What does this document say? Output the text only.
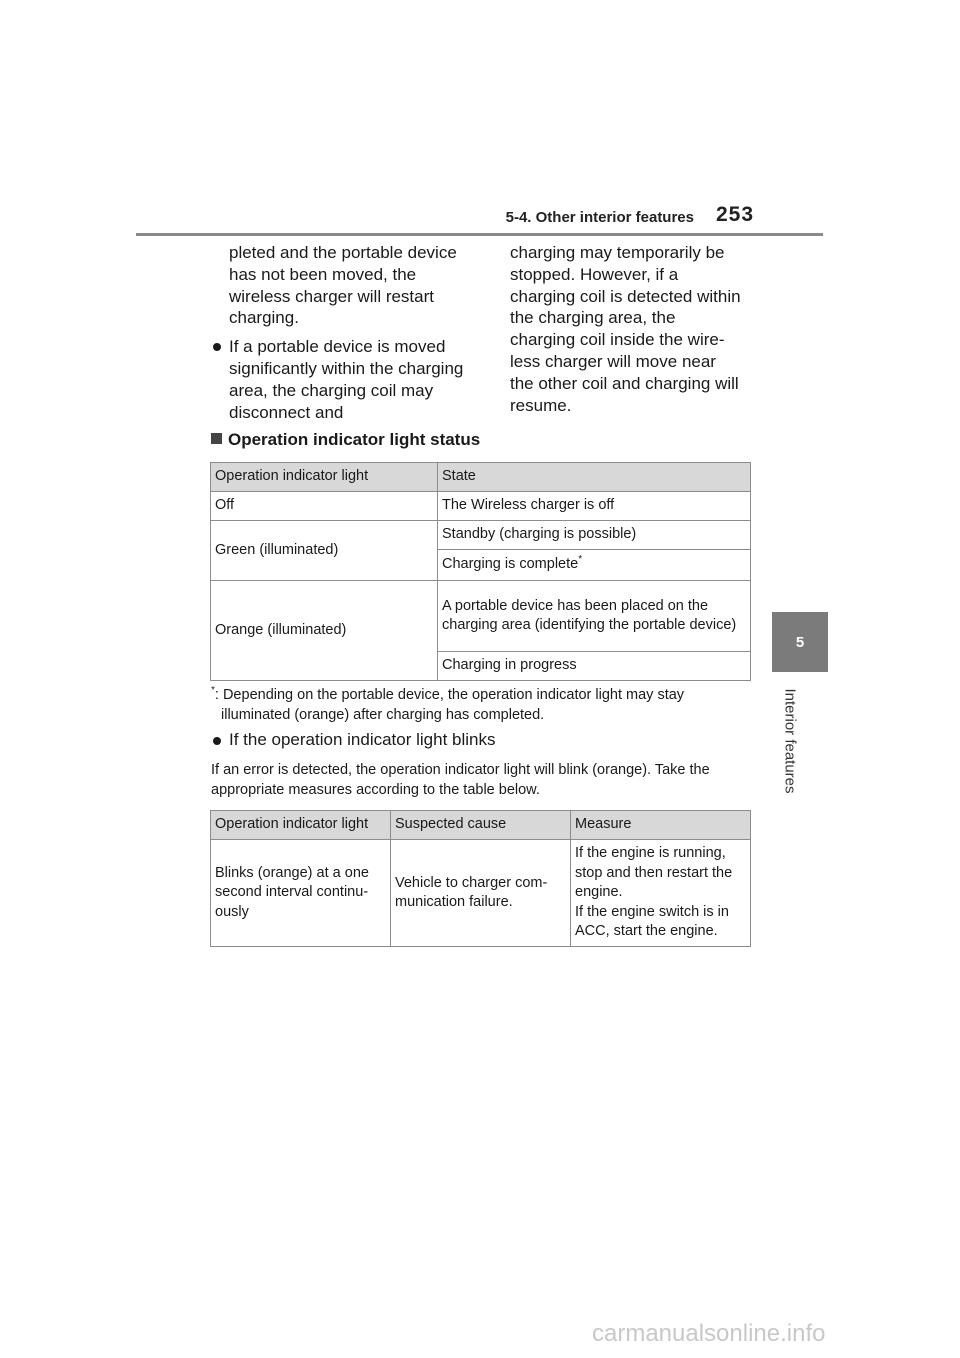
5-4. Other interior features 253
5
Interior features

pleted and the portable device has not been moved, the wireless charger will restart charging.

If a portable device is moved significantly within the charging area, the charging coil may disconnect and

charging may temporarily be stopped. However, if a charging coil is detected within the charging area, the charging coil inside the wire-less charger will move near the other coil and charging will resume.

Operation indicator light status
Operation indicator light	State
Off	The Wireless charger is off
Green (illuminated)	Standby (charging is possible)
	Charging is complete*
Orange (illuminated)	A portable device has been placed on the charging area (identifying the portable device)
	Charging in progress
*: Depending on the portable device, the operation indicator light may stay
illuminated (orange) after charging has completed.
If the operation indicator light blinks
If an error is detected, the operation indicator light will blink (orange). Take the appropriate measures according to the table below.
Operation indicator light	Suspected cause	Measure
Blinks (orange) at a one second interval continu-ously	Vehicle to charger com-munication failure.	If the engine is running, stop and then restart the engine.
If the engine switch is in ACC, start the engine.
carmanualsonline.info
